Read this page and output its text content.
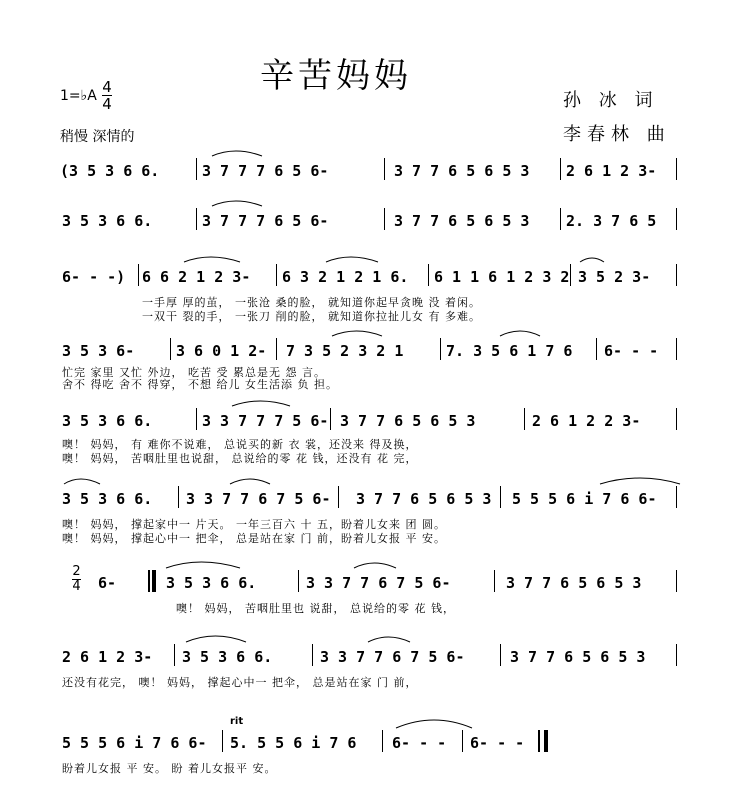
辛苦妈妈
1=♭A 4
4
稍慢 深情的
孙 冰 词
李春林 曲
(3 5 3 6 6.	3 7 7 7 6 5 6-	3 7 7 6 5 6 5 3 2 6 1 2 3-
3 5 3 6 6.	3 7 7 7 6 5 6-	3 7 7 6 5 6 5 3 2. 3 7 6 5
6- - -) 6 6 2 1 2 3- 6 3 2 1 2 1 6. 6 1 1 6 1 2 3 2 3 5 2 3-
一手厚 厚的茧， 一张沧 桑的脸， 就知道你起早贪晚 没 着闲。
一双干 裂的手， 一张刀 削的脸， 就知道你拉扯儿女 有 多难。
3 5 3 6-	3 6 0 1 2- 7 3 5 2 3 2 1	7. 3 5 6 1 7 6 6- - -
忙完 家里 又忙 外边， 吃苦 受 累总是无 怨 言。
舍不 得吃 舍不 得穿， 不想 给儿 女生活添 负 担。
3 5 3 6 6.	3 3 7 7 7 5 6- 3 7 7 6 5 6 5 3	2 6 1 2 2 3-
噢！ 妈妈， 有 难你不说难， 总说买的新 衣 裳，还没来 得及换，
噢！ 妈妈， 苦咽肚里也说甜， 总说给的零 花 钱，还没有 花 完，
3 5 3 6 6. 3 3 7 7 6 7 5 6- 3 7 7 6 5 6 5 3 5 5 5 6 i 7 6 6-
噢！ 妈妈， 撑起家中一 片天。 一年三百六 十 五，盼着儿女来 团 圆。
噢！ 妈妈， 撑起心中一 把伞， 总是站在家 门 前，盼着儿女报 平 安。
2
4 6-	3 5 3 6 6.	3 3 7 7 6 7 5 6-	3 7 7 6 5 6 5 3
噢！ 妈妈， 苦咽肚里也 说甜， 总说给的零 花 钱，
2 6 1 2 3- 3 5 3 6 6.	3 3 7 7 6 7 5 6-	3 7 7 6 5 6 5 3
还没有花完， 噢！ 妈妈， 撑起心中一 把伞， 总是站在家 门 前，
rit
5 5 5 6 i 7 6 6- 5. 5 5 6 i 7 6 6- - - 6- - -
盼着儿女报 平 安。 盼 着儿女报平 安。
